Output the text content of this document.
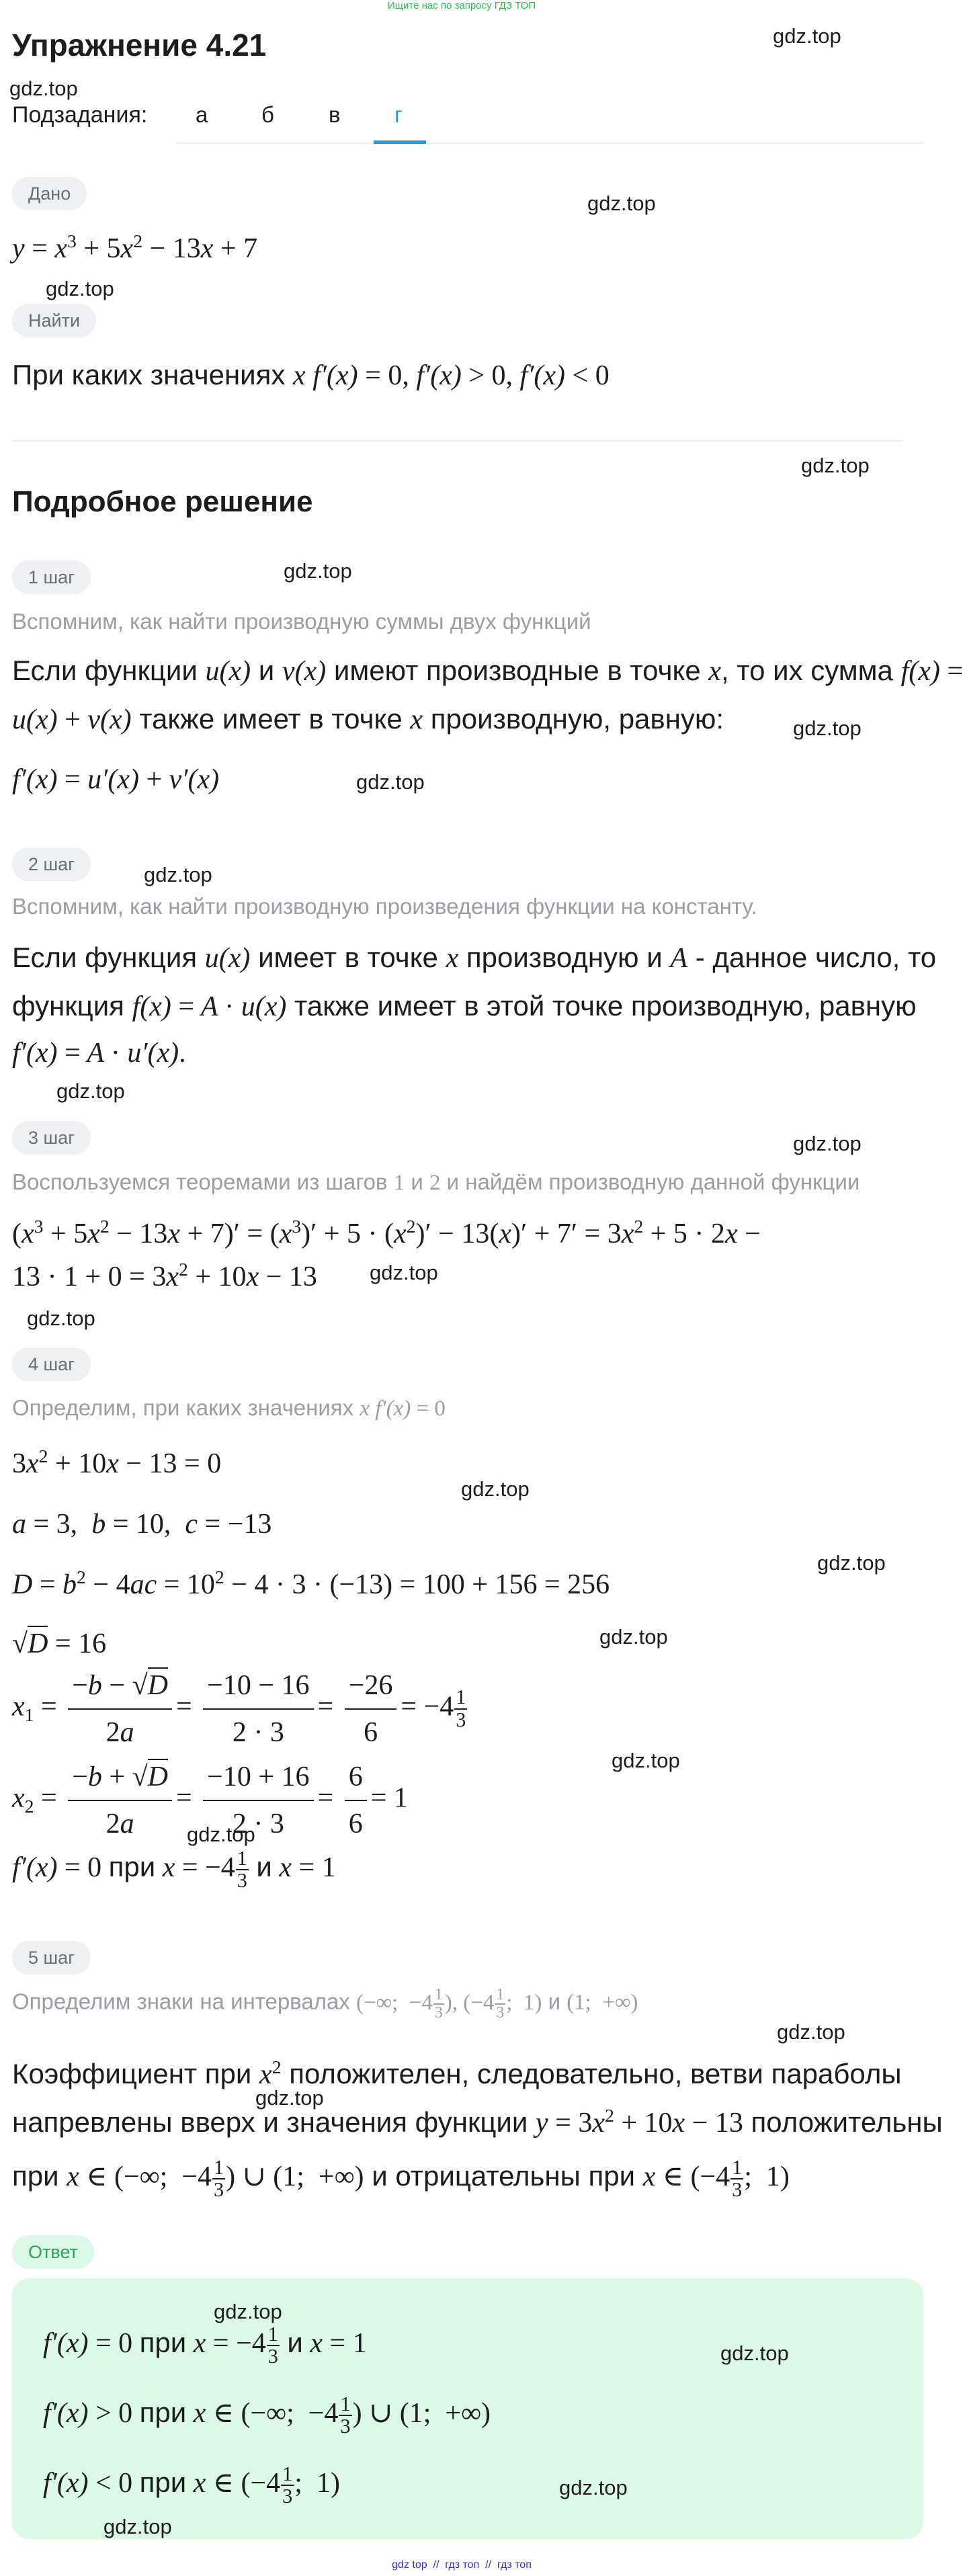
Ищите нас по запросу ГДЗ ТОП
Упражнение 4.21	gdz.top
gdz.top
Подзадания: а б в г
Дано	gdz.top
$y = x^3 + 5x^2 - 13x + 7$
gdz.top
Найти
При каких значениях x f′(x) = 0, f′(x) > 0, f′(x) < 0
gdz.top
Подробное решение
1 шаг	gdz.top
Вспомним, как найти производную суммы двух функций
Если функции u(x) и v(x) имеют производные в точке x, то их сумма f(x) =
u(x) + v(x) также имеет в точке x производную, равную:	gdz.top
f′(x) = u′(x) + v′(x)	gdz.top
2 шаг	gdz.top
Вспомним, как найти производную произведения функции на константу.
Если функция u(x) имеет в точке x производную и A - данное число, то
функция f(x) = A · u(x) также имеет в этой точке производную, равную
f′(x) = A · u′(x).
gdz.top
3 шаг	gdz.top
Воспользуемся теоремами из шагов 1 и 2 и найдём производную данной функции
$(x^3 + 5x^2 - 13x + 7)' = (x^3)' + 5 \cdot (x^2)' - 13(x)' + 7' = 3x^2 + 5 \cdot 2x$ −
$13 \cdot 1 + 0 = 3x^2 + 10x - 13$	gdz.top
gdz.top
4 шаг
Определим, при каких значениях x f′(x) = 0
$3x^2 + 10x - 13 = 0$
gdz.top
a = 3,  b = 10,  c = −13
gdz.top
$D = b^2 - 4ac = 10^2 - 4 \cdot 3 \cdot (-13) = 100 + 156 = 256$
√D = 16	gdz.top
$x_1 = \frac{-b - √D}{2a} = \frac{-10 - 16}{2 \cdot 3} = \frac{-26}{6} = -4 \frac{1}{3}$
gdz.top
$x_2 = \frac{-b + √D}{2a} = \frac{-10 + 16}{2 \cdot 3} = \frac{6}{6} = 1$
gdz.top
f′(x) = 0 при $x = -4 \frac{1}{3}$ и x = 1
5 шаг
Определим знаки на интервалах (−∞;  $-4 \frac{1}{3}$ ), ($-4 \frac{1}{3}$ ;  1) и (1;  +∞)
gdz.top
Коэффициент при $x^2$ положителен, следовательно, ветви параболы
gdz.top
напревлены вверх и значения функции $y = 3x^2 + 10x - 13$ положительны
при x ∈ (−∞;  $-4 \frac{1}{3}$ ) ∪ (1;  +∞) и отрицательны при x ∈ ($-4 \frac{1}{3}$ ;  1)
Ответ
gdz.top
gdz.top
f′(x) = 0 при $x = -4 \frac{1}{3}$ и x = 1
f′(x) > 0 при x ∈ (−∞;  $-4 \frac{1}{3}$ ) ∪ (1;  +∞)
f′(x) < 0 при x ∈ ($-4 \frac{1}{3}$ ;  1)	gdz.top
gdz.top
gdz top  //  гдз топ  //  гдз топ
